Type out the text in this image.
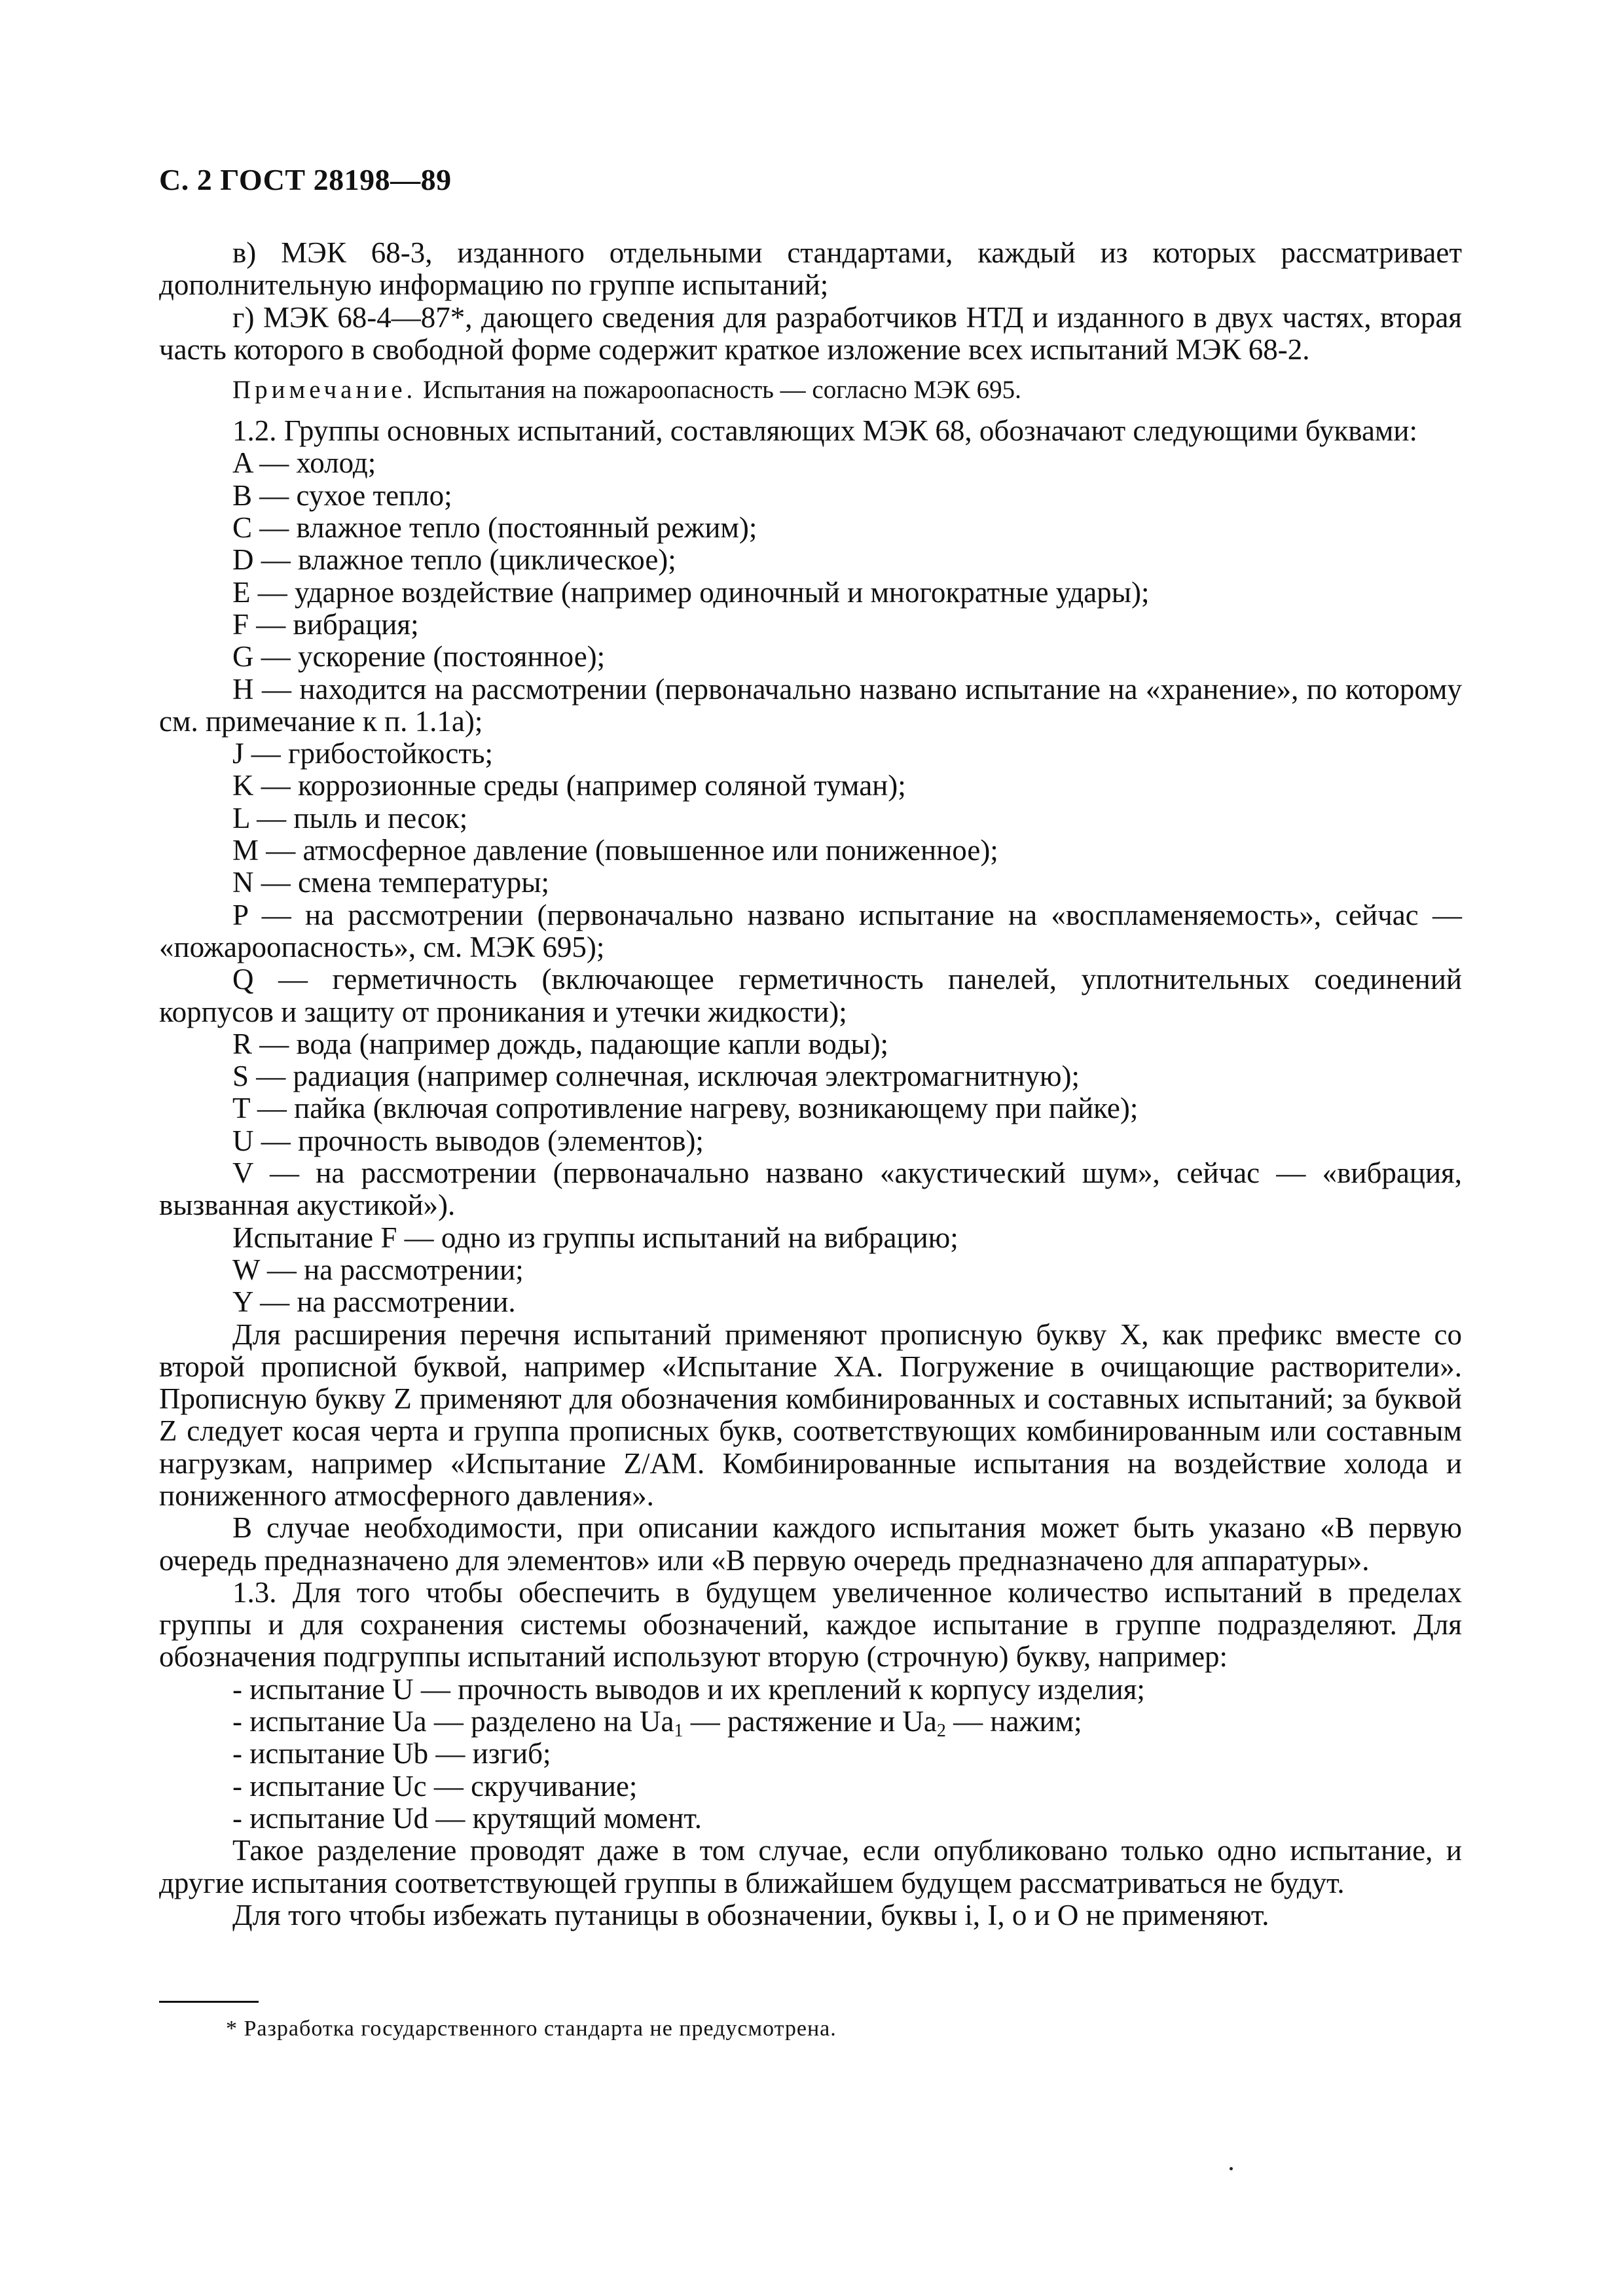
С. 2 ГОСТ 28198—89
в) МЭК 68-3, изданного отдельными стандартами, каждый из которых рассматривает дополнительную информацию по группе испытаний;
г) МЭК 68-4—87*, дающего сведения для разработчиков НТД и изданного в двух частях, вторая часть которого в свободной форме содержит краткое изложение всех испытаний МЭК 68-2.
Примечание. Испытания на пожароопасность — согласно МЭК 695.
1.2. Группы основных испытаний, составляющих МЭК 68, обозначают следующими буквами:
A — холод;
B — сухое тепло;
C — влажное тепло (постоянный режим);
D — влажное тепло (циклическое);
E — ударное воздействие (например одиночный и многократные удары);
F — вибрация;
G — ускорение (постоянное);
H — находится на рассмотрении (первоначально названо испытание на «хранение», по которому см. примечание к п. 1.1а);
J — грибостойкость;
K — коррозионные среды (например соляной туман);
L — пыль и песок;
M — атмосферное давление (повышенное или пониженное);
N — смена температуры;
P — на рассмотрении (первоначально названо испытание на «воспламеняемость», сейчас — «пожароопасность», см. МЭК 695);
Q — герметичность (включающее герметичность панелей, уплотнительных соединений корпусов и защиту от проникания и утечки жидкости);
R — вода (например дождь, падающие капли воды);
S — радиация (например солнечная, исключая электромагнитную);
T — пайка (включая сопротивление нагреву, возникающему при пайке);
U — прочность выводов (элементов);
V — на рассмотрении (первоначально названо «акустический шум», сейчас — «вибрация, вызванная акустикой»).
Испытание F — одно из группы испытаний на вибрацию;
W — на рассмотрении;
Y — на рассмотрении.
Для расширения перечня испытаний применяют прописную букву X, как префикс вместе со второй прописной буквой, например «Испытание XA. Погружение в очищающие растворители». Прописную букву Z применяют для обозначения комбинированных и составных испытаний; за буквой Z следует косая черта и группа прописных букв, соответствующих комбинированным или составным нагрузкам, например «Испытание Z/AM. Комбинированные испытания на воздействие холода и пониженного атмосферного давления».
В случае необходимости, при описании каждого испытания может быть указано «В первую очередь предназначено для элементов» или «В первую очередь предназначено для аппаратуры».
1.3. Для того чтобы обеспечить в будущем увеличенное количество испытаний в пределах группы и для сохранения системы обозначений, каждое испытание в группе подразделяют. Для обозначения подгруппы испытаний используют вторую (строчную) букву, например:
- испытание U — прочность выводов и их креплений к корпусу изделия;
- испытание Ua — разделено на $Ua_1$ — растяжение и $Ua_2$ — нажим;
- испытание Ub — изгиб;
- испытание Uc — скручивание;
- испытание Ud — крутящий момент.
Такое разделение проводят даже в том случае, если опубликовано только одно испытание, и другие испытания соответствующей группы в ближайшем будущем рассматриваться не будут.
Для того чтобы избежать путаницы в обозначении, буквы i, I, o и O не применяют.
* Разработка государственного стандарта не предусмотрена.
